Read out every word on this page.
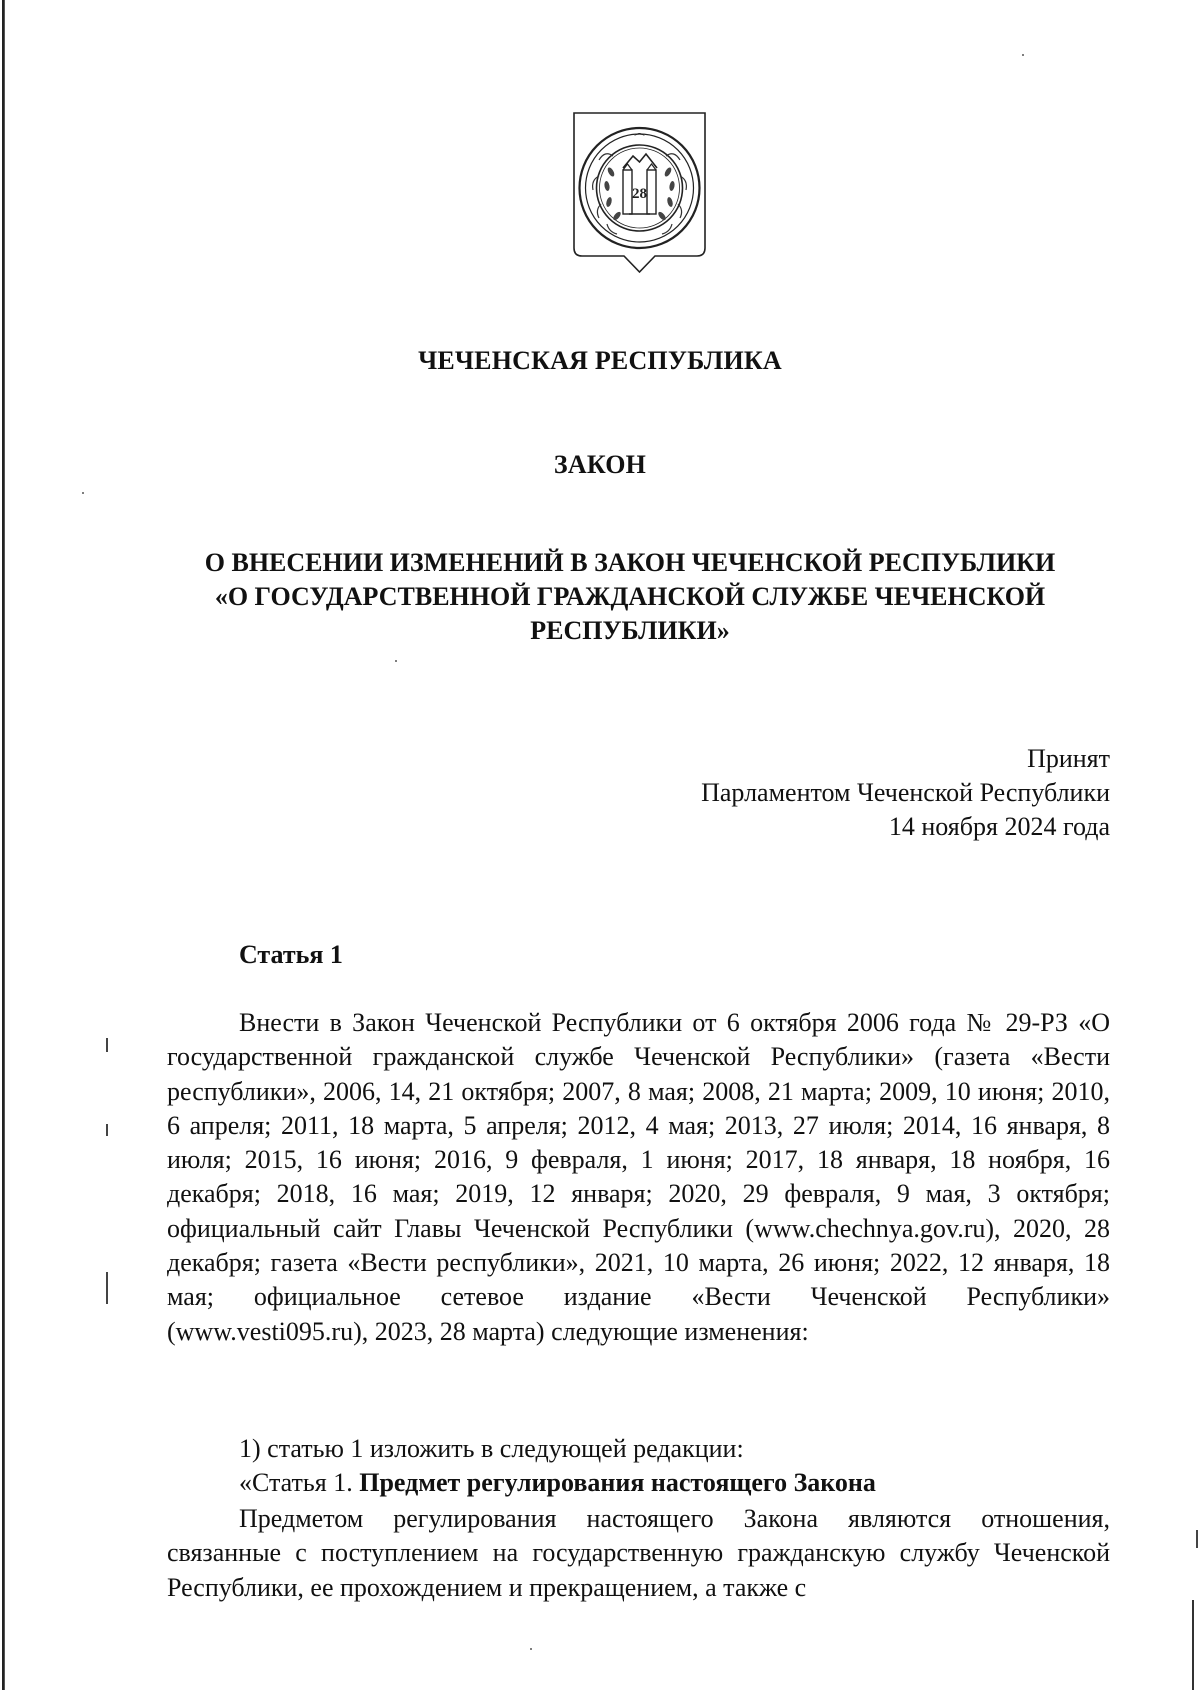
28
ЧЕЧЕНСКАЯ РЕСПУБЛИКА
ЗАКОН
О ВНЕСЕНИИ ИЗМЕНЕНИЙ В ЗАКОН ЧЕЧЕНСКОЙ РЕСПУБЛИКИ
«О ГОСУДАРСТВЕННОЙ ГРАЖДАНСКОЙ СЛУЖБЕ ЧЕЧЕНСКОЙ
РЕСПУБЛИКИ»
Принят
Парламентом Чеченской Республики
14 ноября 2024 года
Статья 1

Внести в Закон Чеченской Республики от 6 октября 2006 года № 29-РЗ «О государственной гражданской службе Чеченской Республики» (газета «Вести республики», 2006, 14, 21 октября; 2007, 8 мая; 2008, 21 марта; 2009, 10 июня; 2010, 6 апреля; 2011, 18 марта, 5 апреля; 2012, 4 мая; 2013, 27 июля; 2014, 16 января, 8 июля; 2015, 16 июня; 2016, 9 февраля, 1 июня; 2017, 18 января, 18 ноября, 16 декабря; 2018, 16 мая; 2019, 12 января; 2020, 29 февраля, 9 мая, 3 октября; официальный сайт Главы Чеченской Республики (www.chechnya.gov.ru), 2020, 28 декабря; газета «Вести республики», 2021, 10 марта, 26 июня; 2022, 12 января, 18 мая; официальное сетевое издание «Вести Чеченской Республики» (www.vesti095.ru), 2023, 28 марта) следующие изменения:

1) статью 1 изложить в следующей редакции:
«Статья 1. Предмет регулирования настоящего Закона

Предметом регулирования настоящего Закона являются отношения, связанные с поступлением на государственную гражданскую службу Чеченской Республики, ее прохождением и прекращением, а также с
